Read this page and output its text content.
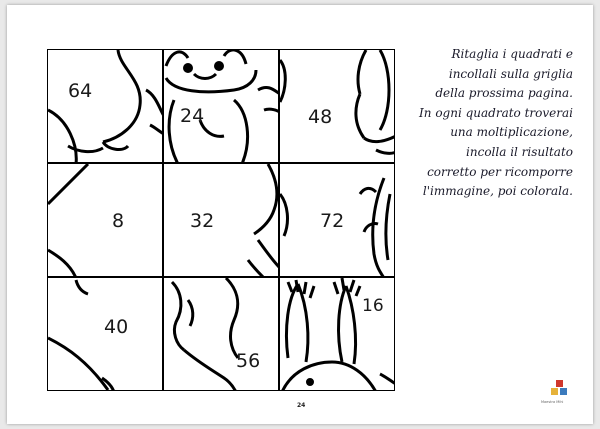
64
24	48
8	32	72
40
56
16
Ritaglia i quadrati e
incollali sulla griglia
della prossima pagina.
In ogni quadrato troverai
una moltiplicazione,
incolla il risultato
corretto per ricomporre
l'immagine, poi colorala.
24	Maestra Mihi
